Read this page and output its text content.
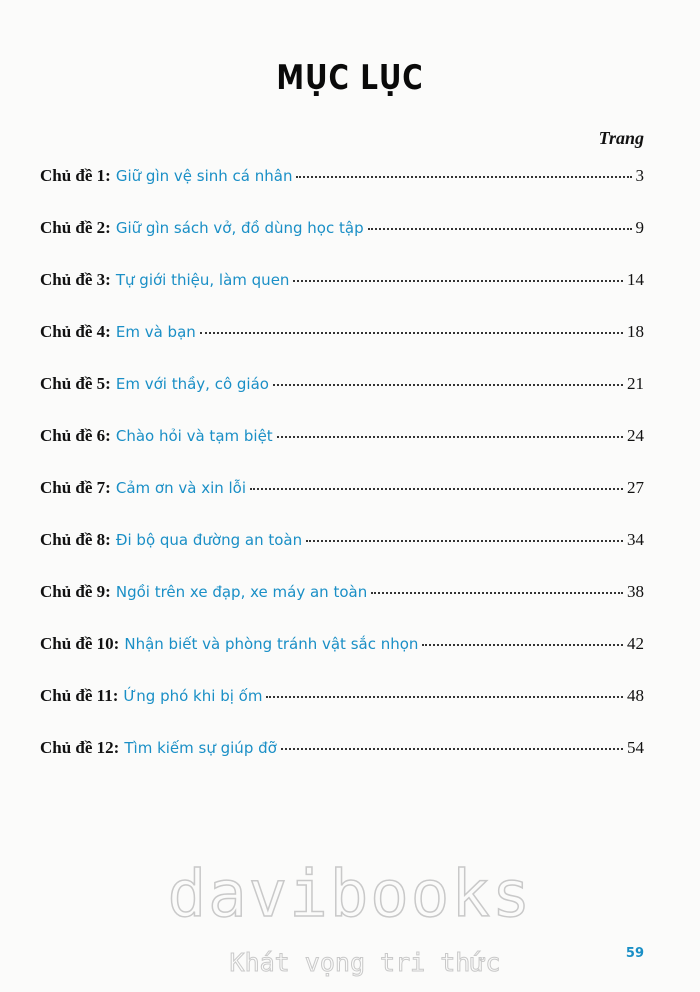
MỤC LỤC
Trang
Chủ đề 1: Giữ gìn vệ sinh cá nhân	3
Chủ đề 2: Giữ gìn sách vở, đồ dùng học tập	9
Chủ đề 3: Tự giới thiệu, làm quen	14
Chủ đề 4: Em và bạn	18
Chủ đề 5: Em với thầy, cô giáo	21
Chủ đề 6: Chào hỏi và tạm biệt	24
Chủ đề 7: Cảm ơn và xin lỗi	27
Chủ đề 8: Đi bộ qua đường an toàn	34
Chủ đề 9: Ngồi trên xe đạp, xe máy an toàn	38
Chủ đề 10: Nhận biết và phòng tránh vật sắc nhọn	42
Chủ đề 11: Ứng phó khi bị ốm	48
Chủ đề 12: Tìm kiếm sự giúp đỡ	54
davibooks
Khát vọng tri thức	59
